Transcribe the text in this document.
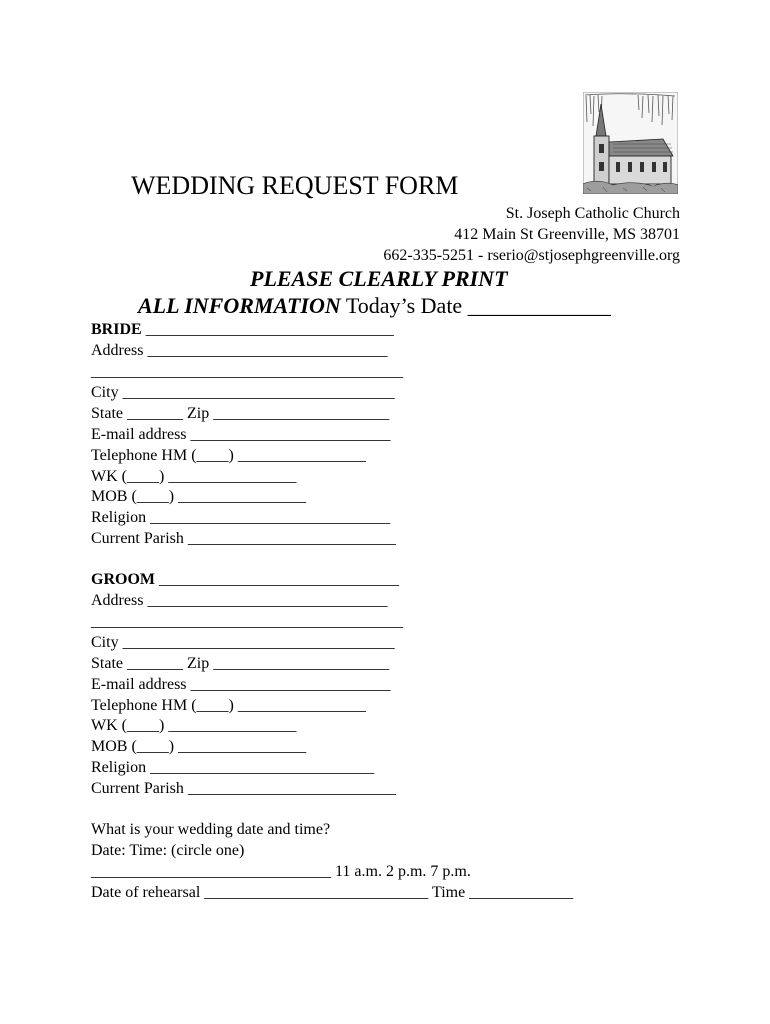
WEDDING REQUEST FORM
St. Joseph Catholic Church
412 Main St Greenville, MS 38701
662-335-5251 - rserio@stjosephgreenville.org
PLEASE CLEARLY PRINT
ALL INFORMATION Today’s Date _____________
BRIDE _______________________________
Address ______________________________
_______________________________________
City __________________________________
State _______ Zip ______________________
E-mail address _________________________
Telephone HM (____) ________________
WK (____) ________________
MOB (____) ________________
Religion ______________________________
Current Parish __________________________
GROOM ______________________________
Address ______________________________
_______________________________________
City __________________________________
State _______ Zip ______________________
E-mail address _________________________
Telephone HM (____) ________________
WK (____) ________________
MOB (____) ________________
Religion ____________________________
Current Parish __________________________
What is your wedding date and time?
Date: Time: (circle one)
______________________________ 11 a.m. 2 p.m. 7 p.m.
Date of rehearsal ____________________________ Time _____________
